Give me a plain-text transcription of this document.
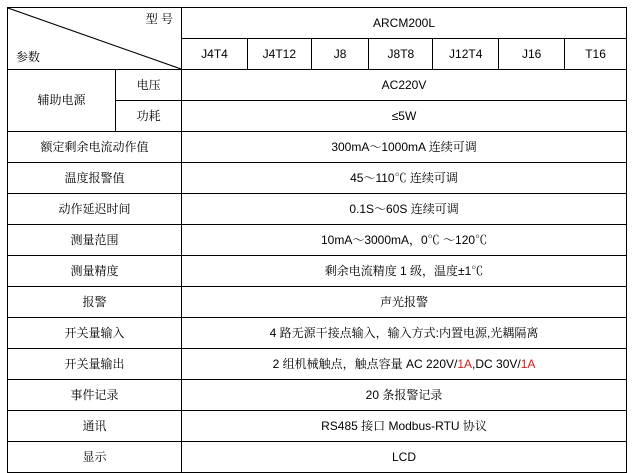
型 号
参数		ARCM200L						
		J4T4	J4T12	J8	J8T8	J12T4	J16	T16
辅助电源	电压	AC220V						
	功耗	≤5W						
额定剩余电流动作值		300mA～1000mA 连续可调						
温度报警值		45～110℃ 连续可调						
动作延迟时间		0.1S～60S 连续可调						
测量范围		10mA～3000mA，0℃ ～120℃						
测量精度		剩余电流精度 1 级，温度±1℃						
报警		声光报警						
开关量输入		4 路无源干接点输入，输入方式:内置电源,光耦隔离						
开关量输出		2 组机械触点，触点容量 AC 220V/1A,DC 30V/1A						
事件记录		20 条报警记录						
通讯		RS485 接口 Modbus-RTU 协议						
显示		LCD						
